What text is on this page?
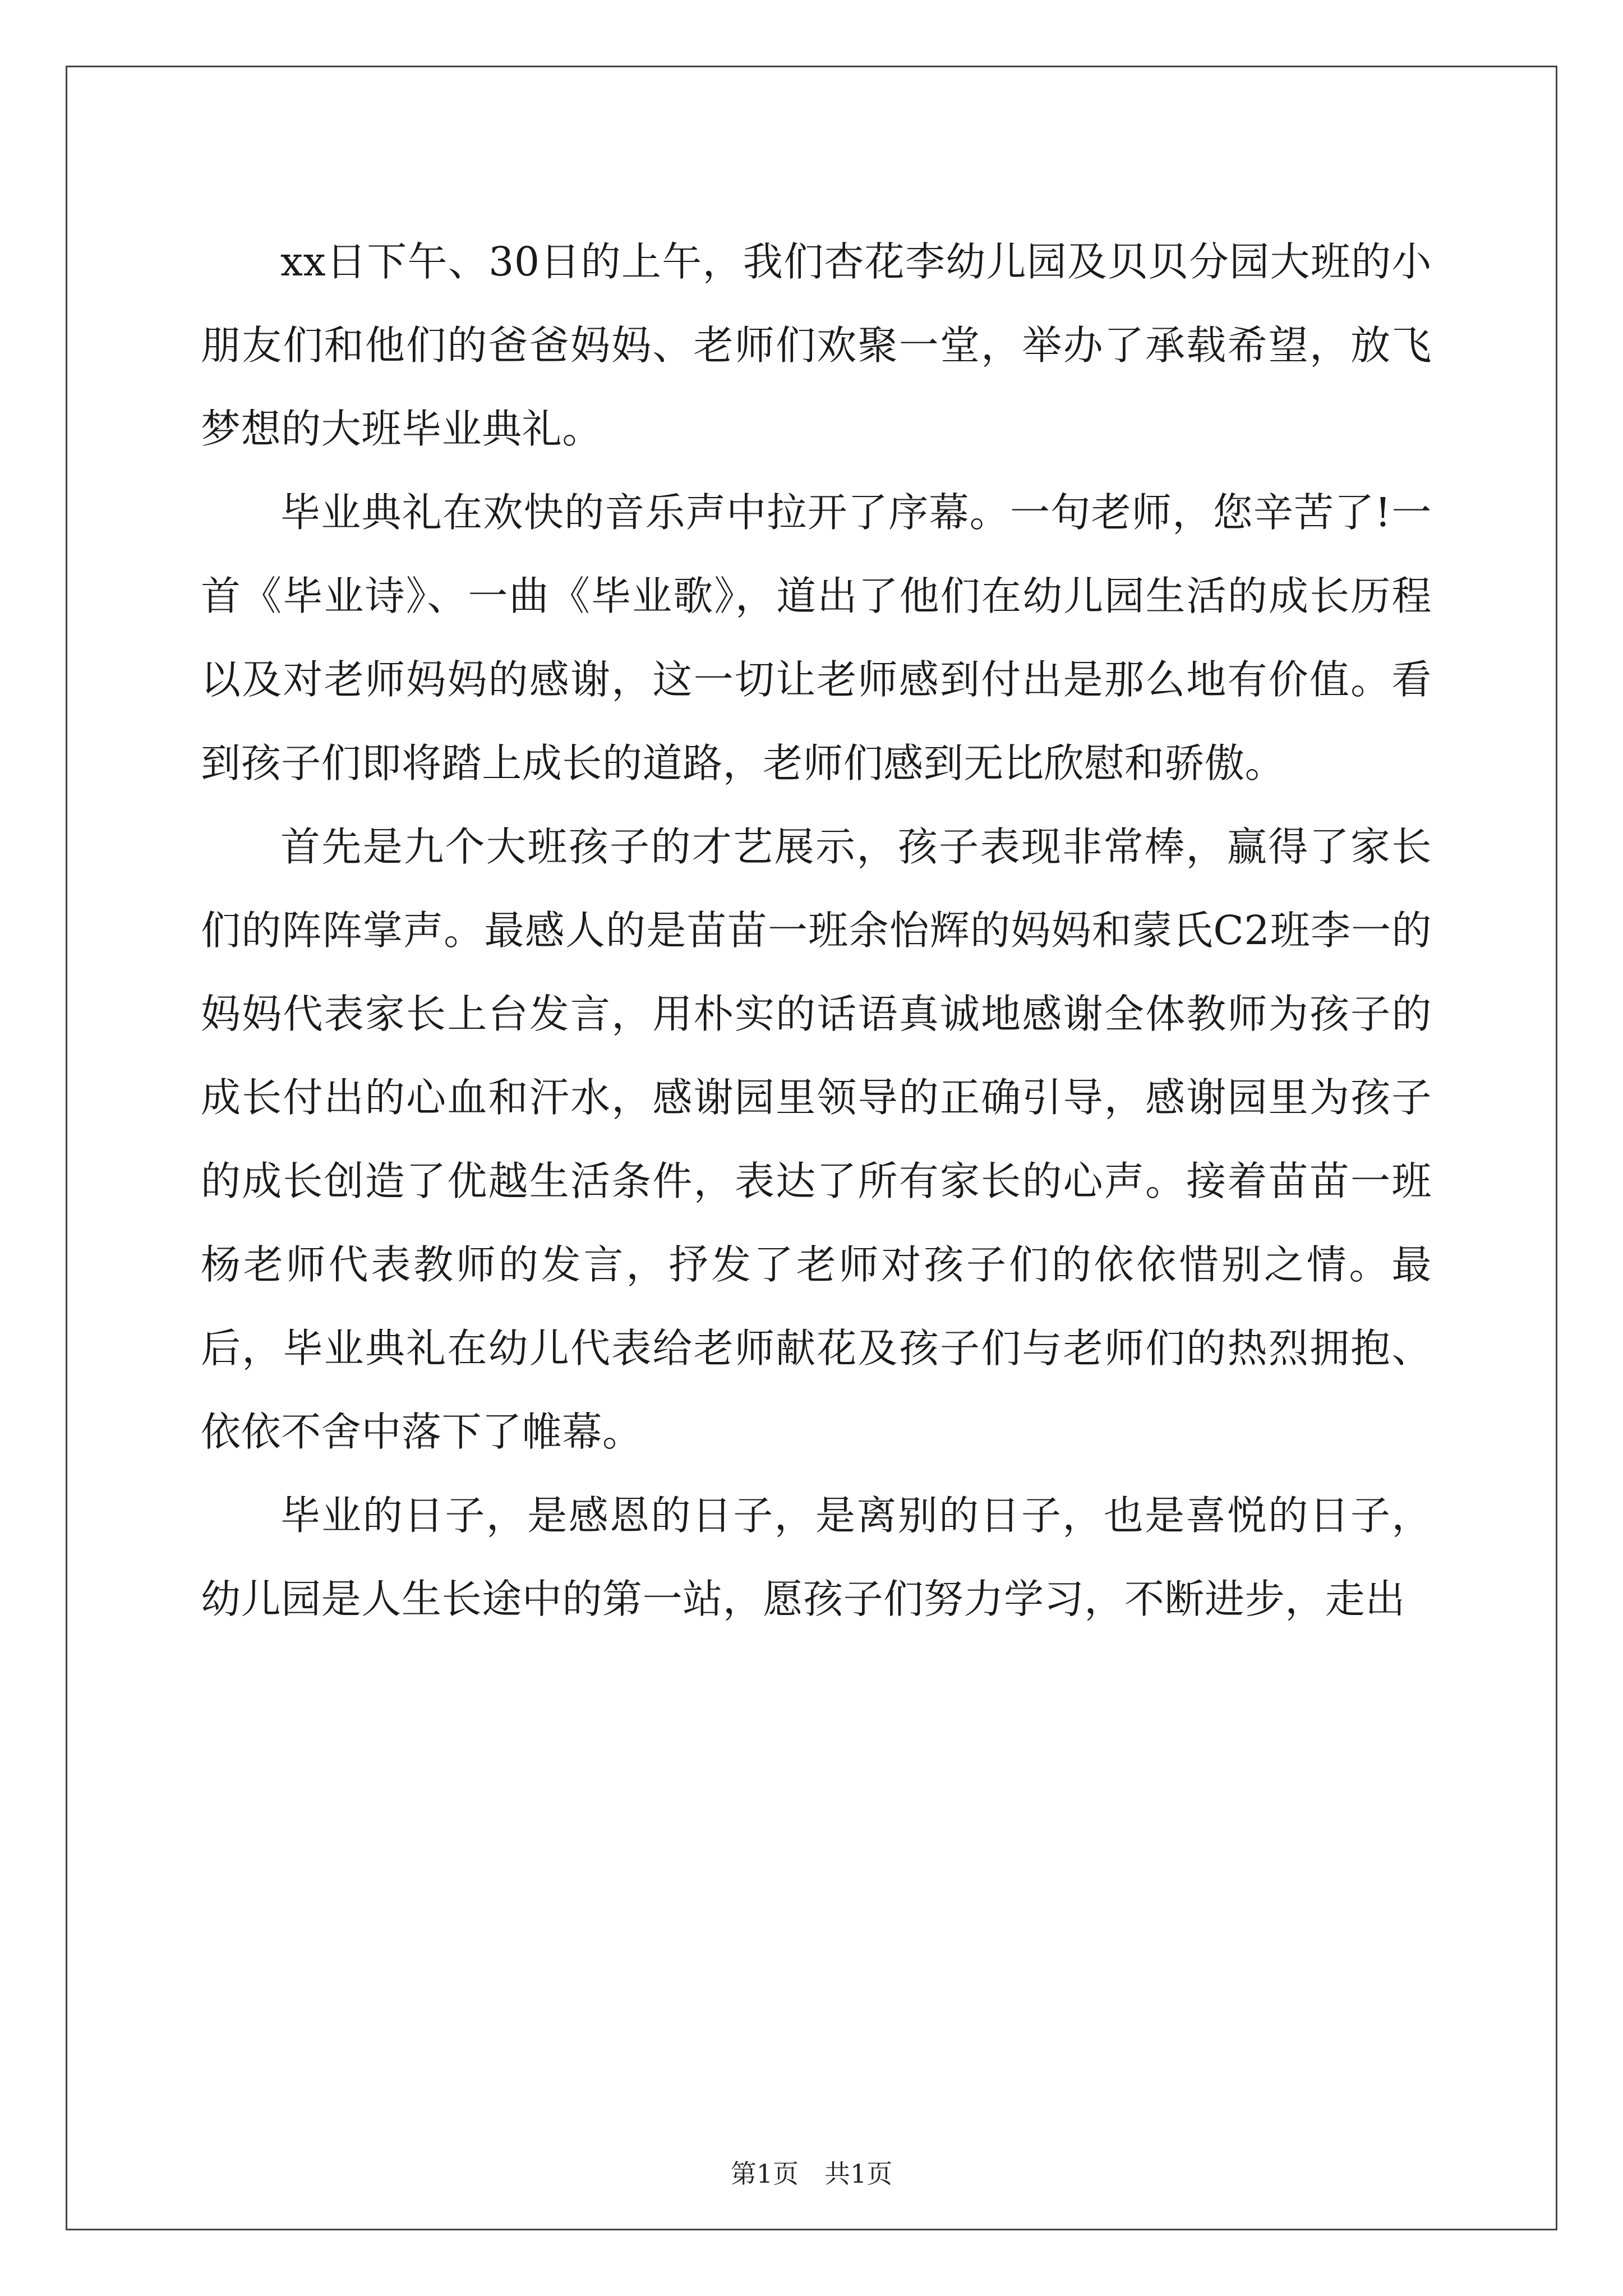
xx日下午、30日的上午，我们杏花李幼儿园及贝贝分园大班的小朋友们和他们的爸爸妈妈、老师们欢聚一堂，举办了承载希望，放飞梦想的大班毕业典礼。

毕业典礼在欢快的音乐声中拉开了序幕。一句老师，您辛苦了!一首《毕业诗》、一曲《毕业歌》，道出了他们在幼儿园生活的成长历程以及对老师妈妈的感谢，这一切让老师感到付出是那么地有价值。看到孩子们即将踏上成长的道路，老师们感到无比欣慰和骄傲。

首先是九个大班孩子的才艺展示，孩子表现非常棒，赢得了家长们的阵阵掌声。最感人的是苗苗一班余怡辉的妈妈和蒙氏C2班李一的妈妈代表家长上台发言，用朴实的话语真诚地感谢全体教师为孩子的成长付出的心血和汗水，感谢园里领导的正确引导，感谢园里为孩子的成长创造了优越生活条件，表达了所有家长的心声。接着苗苗一班杨老师代表教师的发言，抒发了老师对孩子们的依依惜别之情。最后，毕业典礼在幼儿代表给老师献花及孩子们与老师们的热烈拥抱、依依不舍中落下了帷幕。

毕业的日子，是感恩的日子，是离别的日子，也是喜悦的日子，幼儿园是人生长途中的第一站，愿孩子们努力学习，不断进步，走出

第1页　共1页
